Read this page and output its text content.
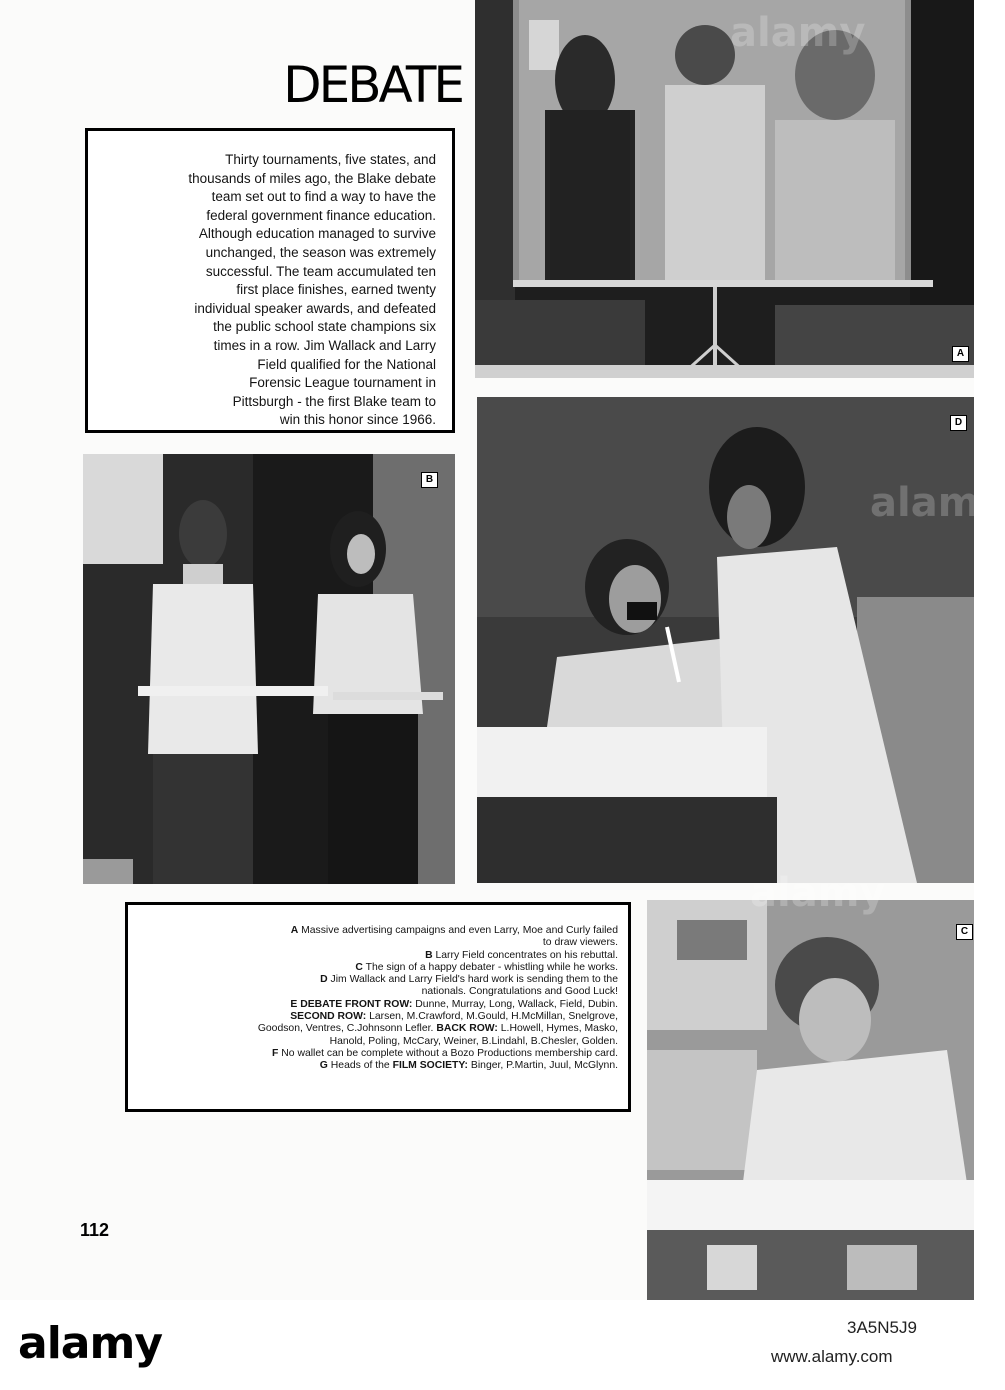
A
DEBATE
Thirty tournaments, five states, and
thousands of miles ago, the Blake debate
team set out to find a way to have the
federal government finance education.
Although education managed to survive
unchanged, the season was extremely
successful. The team accumulated ten
first place finishes, earned twenty
individual speaker awards, and defeated
the public school state champions six
times in a row. Jim Wallack and Larry
Field qualified for the National
Forensic League tournament in
Pittsburgh - the first Blake team to
win this honor since 1966.
B
D
A Massive advertising campaigns and even Larry, Moe and Curly failed
to draw viewers.
B Larry Field concentrates on his rebuttal.
C The sign of a happy debater - whistling while he works.
D Jim Wallack and Larry Field's hard work is sending them to the
nationals. Congratulations and Good Luck!
E DEBATE FRONT ROW: Dunne, Murray, Long, Wallack, Field, Dubin.
SECOND ROW: Larsen, M.Crawford, M.Gould, H.McMillan, Snelgrove,
Goodson, Ventres, C.Johnsonn Lefler. BACK ROW: L.Howell, Hymes, Masko,
Hanold, Poling, McCary, Weiner, B.Lindahl, B.Chesler, Golden.
F No wallet can be complete without a Bozo Productions membership card.
G Heads of the FILM SOCIETY: Binger, P.Martin, Juul, McGlynn.
C
alamy
alamy
alamy
112
alamy	3A5N5J9
www.alamy.com
